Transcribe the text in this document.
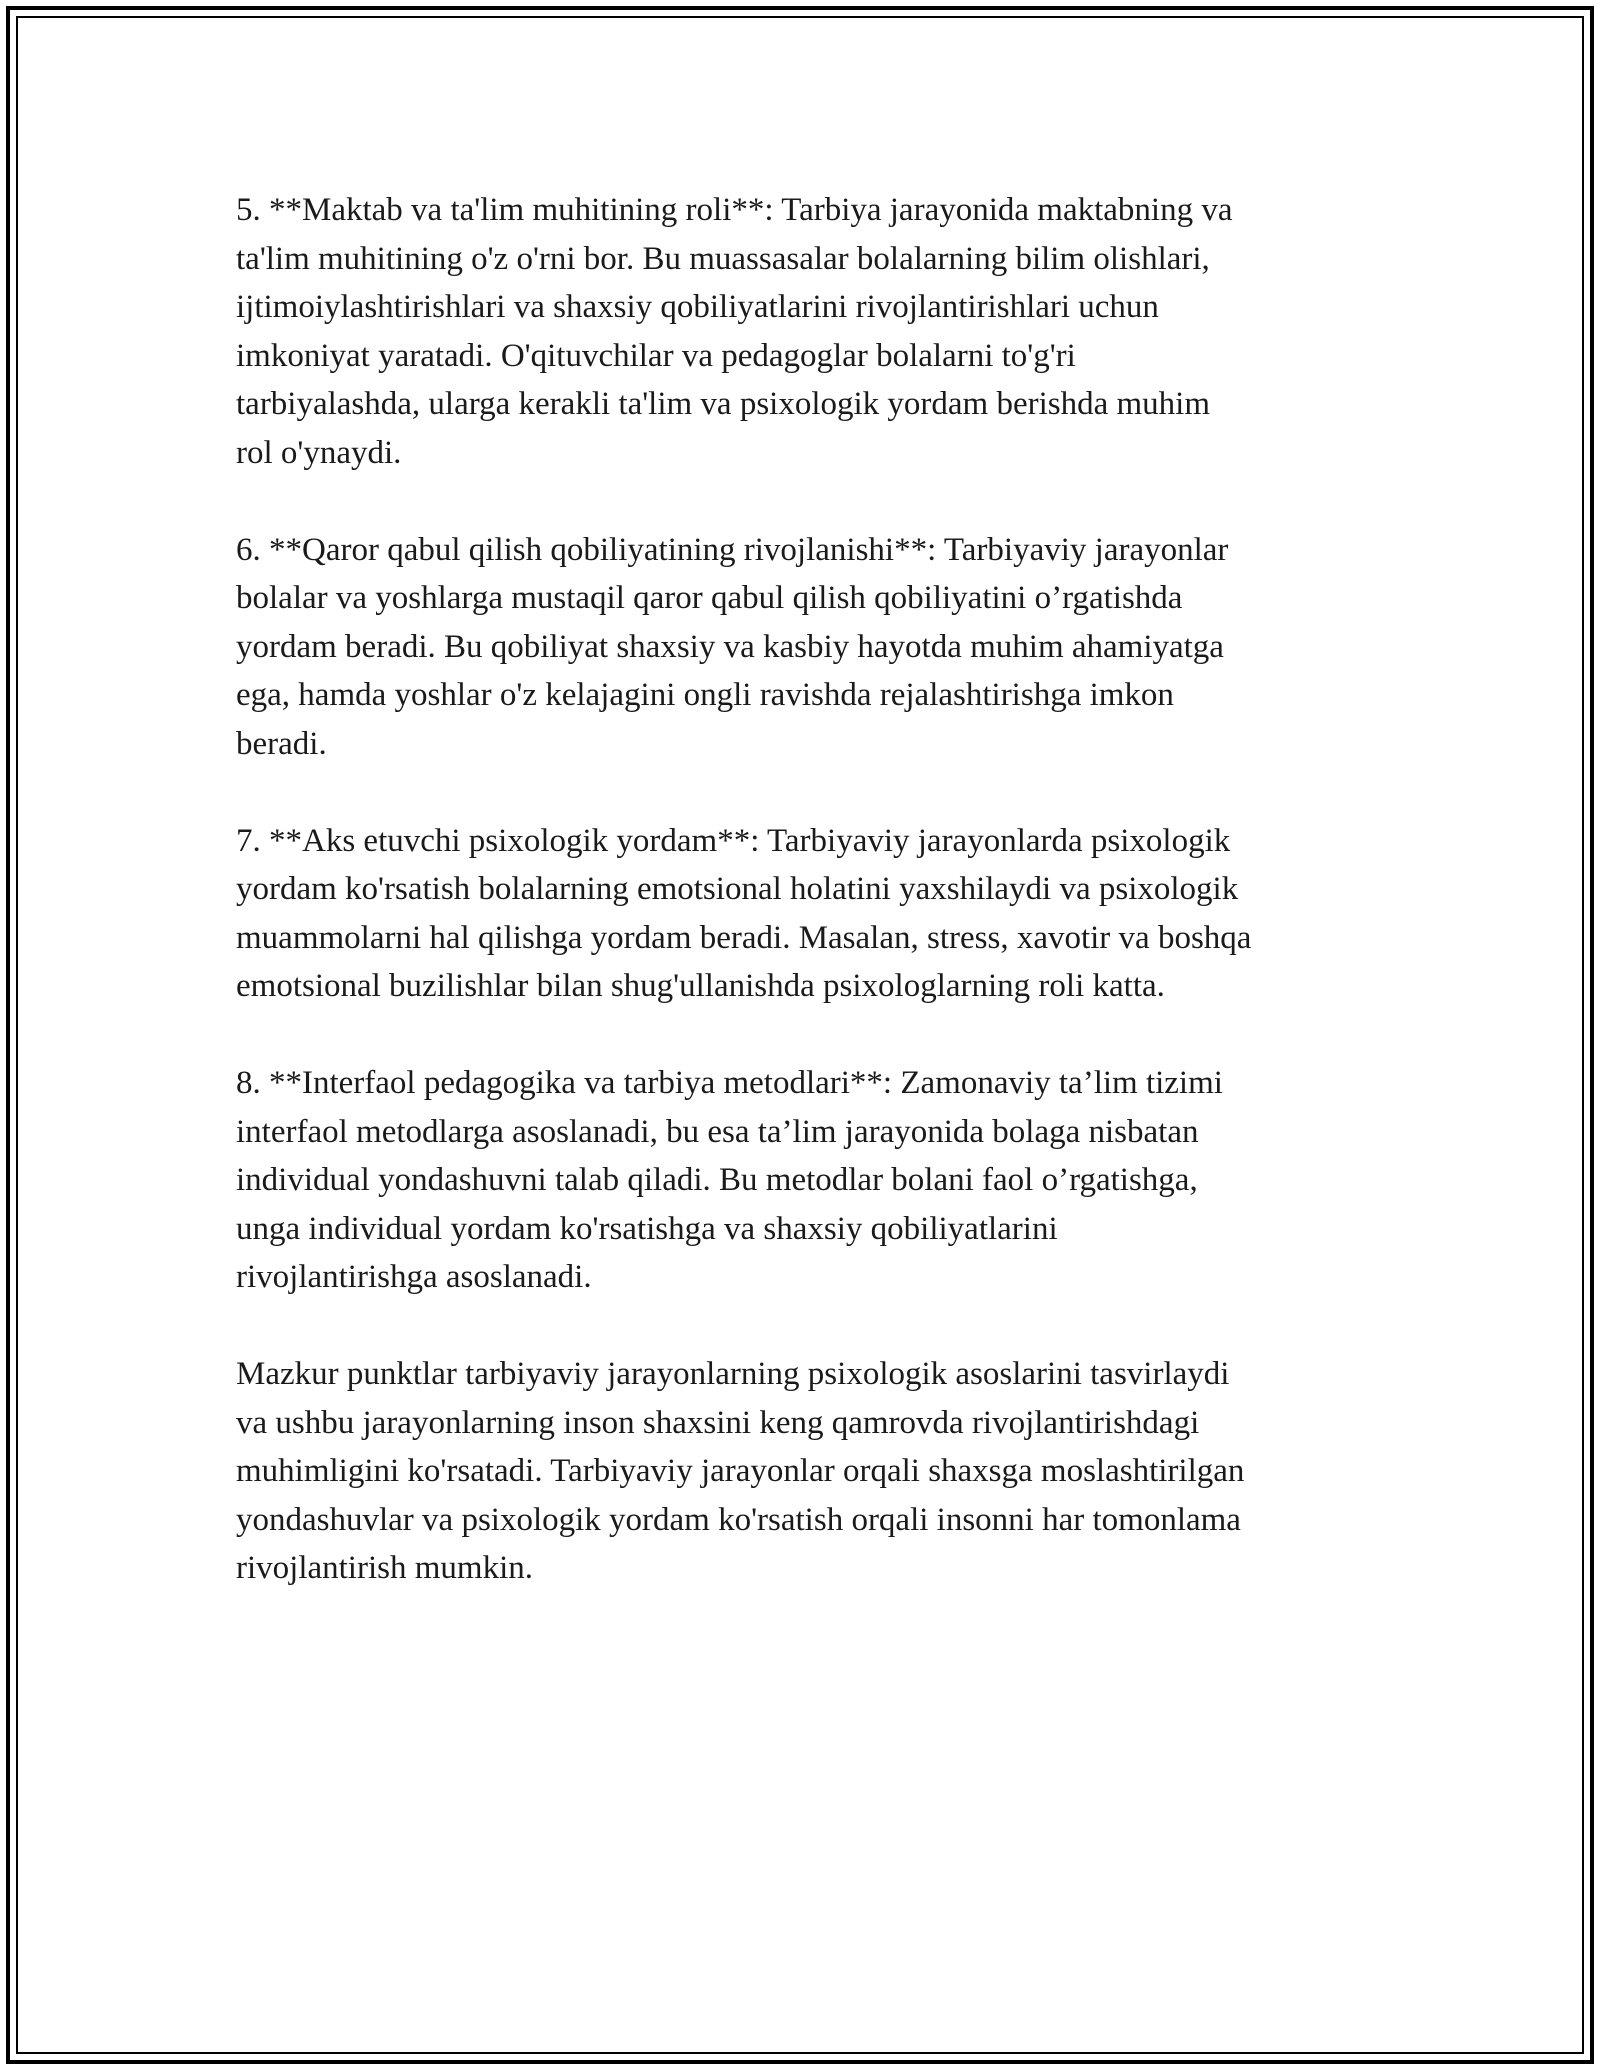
5. **Maktab va ta'lim muhitining roli**: Tarbiya jarayonida maktabning va
ta'lim muhitining o'z o'rni bor. Bu muassasalar bolalarning bilim olishlari,
ijtimoiylashtirishlari va shaxsiy qobiliyatlarini rivojlantirishlari uchun
imkoniyat yaratadi. O'qituvchilar va pedagoglar bolalarni to'g'ri
tarbiyalashda, ularga kerakli ta'lim va psixologik yordam berishda muhim
rol o'ynaydi.

6. **Qaror qabul qilish qobiliyatining rivojlanishi**: Tarbiyaviy jarayonlar
bolalar va yoshlarga mustaqil qaror qabul qilish qobiliyatini o’rgatishda
yordam beradi. Bu qobiliyat shaxsiy va kasbiy hayotda muhim ahamiyatga
ega, hamda yoshlar o'z kelajagini ongli ravishda rejalashtirishga imkon
beradi.

7. **Aks etuvchi psixologik yordam**: Tarbiyaviy jarayonlarda psixologik
yordam ko'rsatish bolalarning emotsional holatini yaxshilaydi va psixologik
muammolarni hal qilishga yordam beradi. Masalan, stress, xavotir va boshqa
emotsional buzilishlar bilan shug'ullanishda psixologlarning roli katta.

8. **Interfaol pedagogika va tarbiya metodlari**: Zamonaviy ta’lim tizimi
interfaol metodlarga asoslanadi, bu esa ta’lim jarayonida bolaga nisbatan
individual yondashuvni talab qiladi. Bu metodlar bolani faol o’rgatishga,
unga individual yordam ko'rsatishga va shaxsiy qobiliyatlarini
rivojlantirishga asoslanadi.

Mazkur punktlar tarbiyaviy jarayonlarning psixologik asoslarini tasvirlaydi
va ushbu jarayonlarning inson shaxsini keng qamrovda rivojlantirishdagi
muhimligini ko'rsatadi. Tarbiyaviy jarayonlar orqali shaxsga moslashtirilgan
yondashuvlar va psixologik yordam ko'rsatish orqali insonni har tomonlama
rivojlantirish mumkin.
